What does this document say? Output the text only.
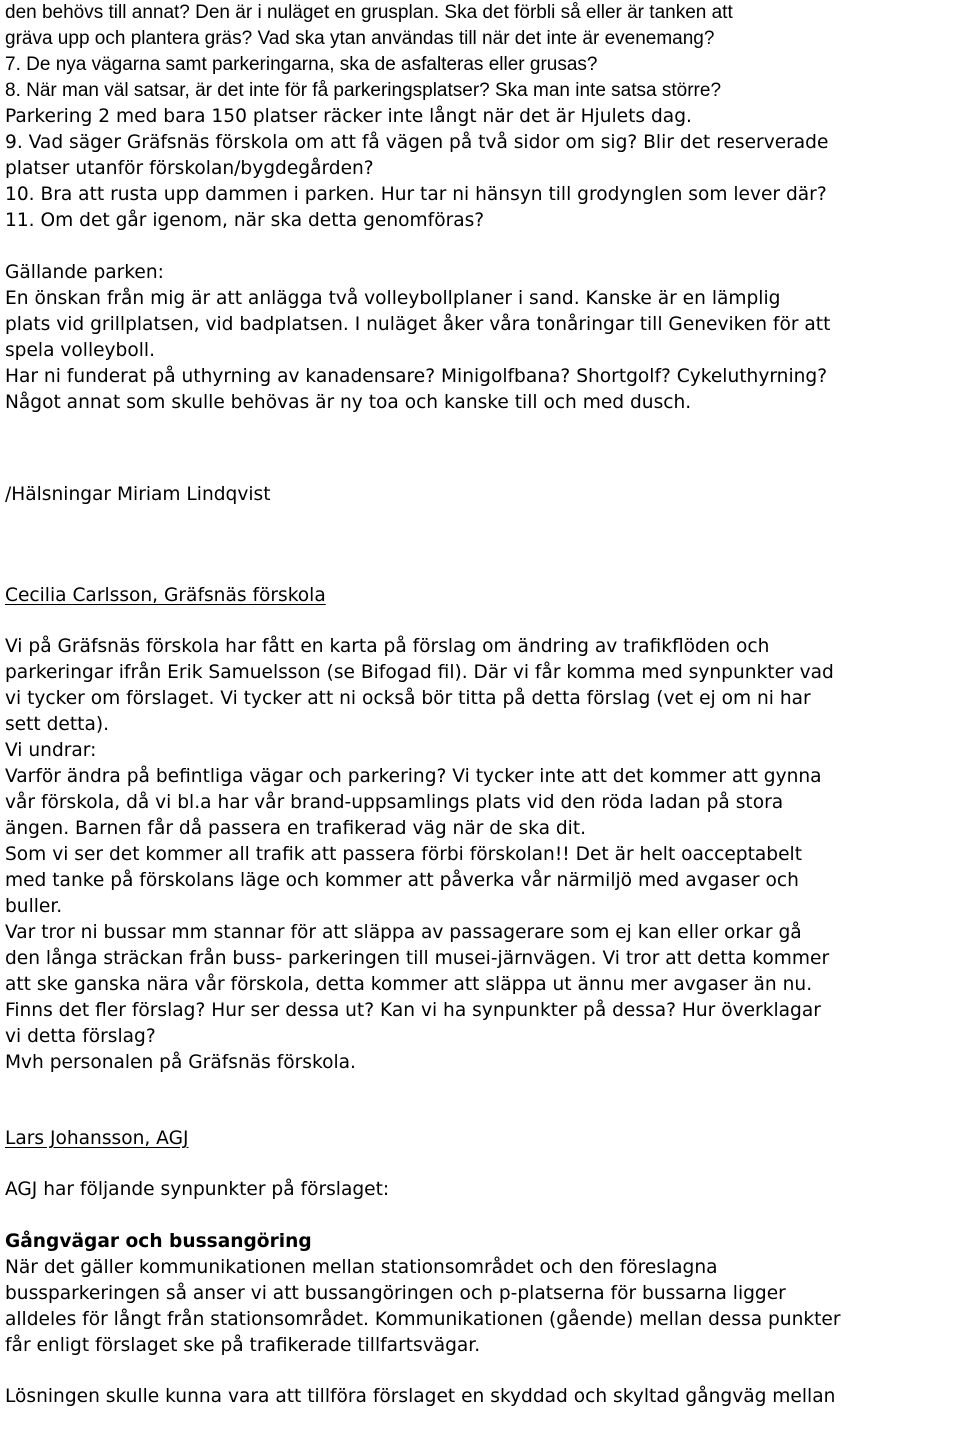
den behövs till annat? Den är i nuläget en grusplan. Ska det förbli så eller är tanken att
gräva upp och plantera gräs? Vad ska ytan användas till när det inte är evenemang?
7. De nya vägarna samt parkeringarna, ska de asfalteras eller grusas?
8. När man väl satsar, är det inte för få parkeringsplatser? Ska man inte satsa större?
Parkering 2 med bara 150 platser räcker inte långt när det är Hjulets dag.
9. Vad säger Gräfsnäs förskola om att få vägen på två sidor om sig? Blir det reserverade
platser utanför förskolan/bygdegården?
10. Bra att rusta upp dammen i parken. Hur tar ni hänsyn till grodynglen som lever där?
11. Om det går igenom, när ska detta genomföras?
Gällande parken:
En önskan från mig är att anlägga två volleybollplaner i sand. Kanske är en lämplig
plats vid grillplatsen, vid badplatsen. I nuläget åker våra tonåringar till Geneviken för att
spela volleyboll.
Har ni funderat på uthyrning av kanadensare? Minigolfbana? Shortgolf? Cykeluthyrning?
Något annat som skulle behövas är ny toa och kanske till och med dusch.
/Hälsningar Miriam Lindqvist
Cecilia Carlsson, Gräfsnäs förskola
Vi på Gräfsnäs förskola har fått en karta på förslag om ändring av trafikflöden och
parkeringar ifrån Erik Samuelsson (se Bifogad fil). Där vi får komma med synpunkter vad
vi tycker om förslaget. Vi tycker att ni också bör titta på detta förslag (vet ej om ni har
sett detta).
Vi undrar:
Varför ändra på befintliga vägar och parkering? Vi tycker inte att det kommer att gynna
vår förskola, då vi bl.a har vår brand-uppsamlings plats vid den röda ladan på stora
ängen. Barnen får då passera en trafikerad väg när de ska dit.
Som vi ser det kommer all trafik att passera förbi förskolan!! Det är helt oacceptabelt
med tanke på förskolans läge och kommer att påverka vår närmiljö med avgaser och
buller.
Var tror ni bussar mm stannar för att släppa av passagerare som ej kan eller orkar gå
den långa sträckan från buss- parkeringen till musei-järnvägen. Vi tror att detta kommer
att ske ganska nära vår förskola, detta kommer att släppa ut ännu mer avgaser än nu.
Finns det fler förslag? Hur ser dessa ut? Kan vi ha synpunkter på dessa? Hur överklagar
vi detta förslag?
Mvh personalen på Gräfsnäs förskola.
Lars Johansson, AGJ
AGJ har följande synpunkter på förslaget:
Gångvägar och bussangöring
När det gäller kommunikationen mellan stationsområdet och den föreslagna
bussparkeringen så anser vi att bussangöringen och p-platserna för bussarna ligger
alldeles för långt från stationsområdet. Kommunikationen (gående) mellan dessa punkter
får enligt förslaget ske på trafikerade tillfartsvägar.
Lösningen skulle kunna vara att tillföra förslaget en skyddad och skyltad gångväg mellan
